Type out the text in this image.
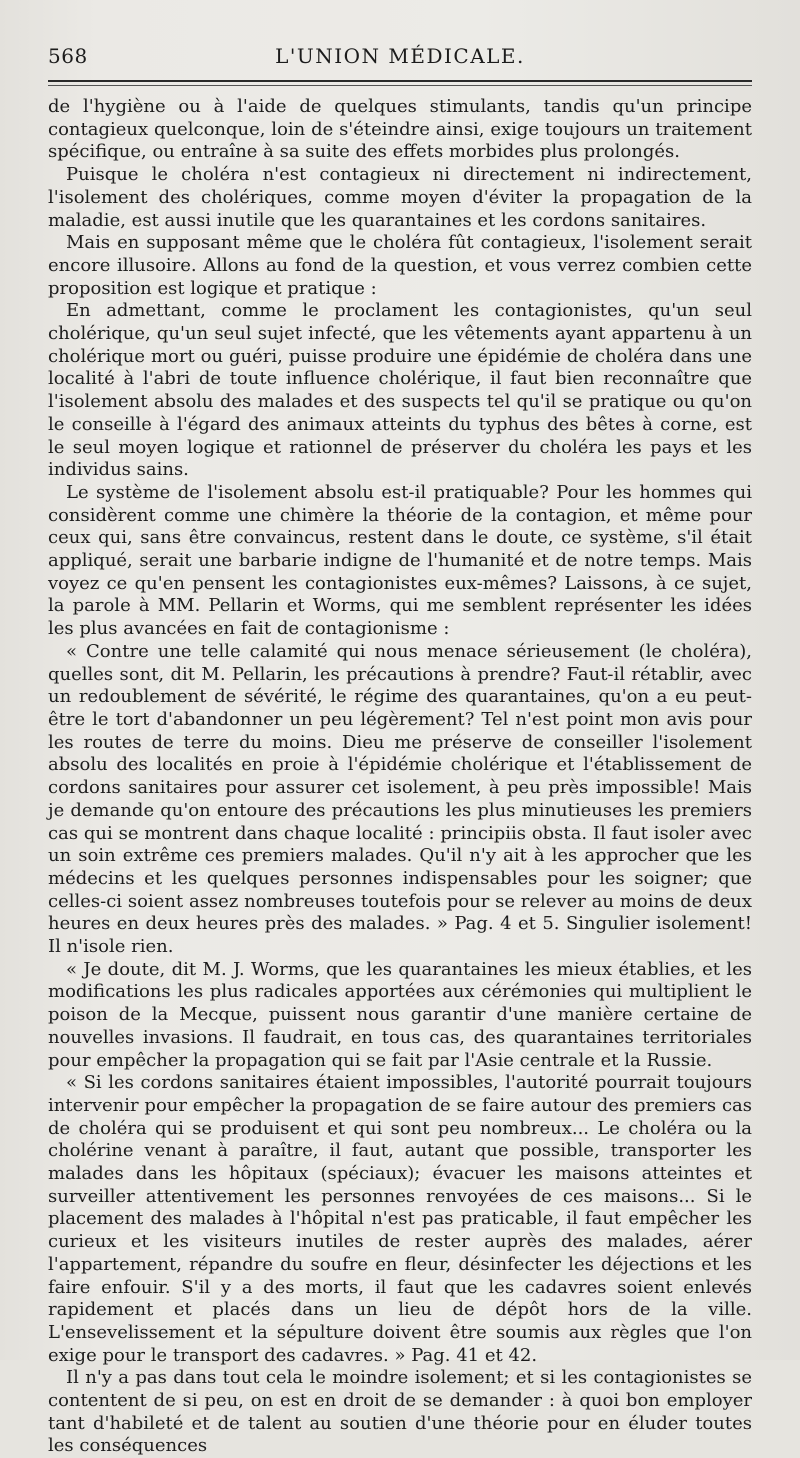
568	L'UNION MÉDICALE.

de l'hygiène ou à l'aide de quelques stimulants, tandis qu'un principe contagieux quelconque, loin de s'éteindre ainsi, exige toujours un traitement spécifique, ou entraîne à sa suite des effets morbides plus prolongés.

Puisque le choléra n'est contagieux ni directement ni indirectement, l'isolement des cholériques, comme moyen d'éviter la propagation de la maladie, est aussi inutile que les quarantaines et les cordons sanitaires.

Mais en supposant même que le choléra fût contagieux, l'isolement serait encore illusoire. Allons au fond de la question, et vous verrez combien cette proposition est logique et pratique :

En admettant, comme le proclament les contagionistes, qu'un seul cholérique, qu'un seul sujet infecté, que les vêtements ayant appartenu à un cholérique mort ou guéri, puisse produire une épidémie de choléra dans une localité à l'abri de toute influence cholérique, il faut bien reconnaître que l'isolement absolu des malades et des suspects tel qu'il se pratique ou qu'on le conseille à l'égard des animaux atteints du typhus des bêtes à corne, est le seul moyen logique et rationnel de préserver du choléra les pays et les individus sains.

Le système de l'isolement absolu est-il pratiquable? Pour les hommes qui considèrent comme une chimère la théorie de la contagion, et même pour ceux qui, sans être convaincus, restent dans le doute, ce système, s'il était appliqué, serait une barbarie indigne de l'humanité et de notre temps. Mais voyez ce qu'en pensent les contagionistes eux-mêmes? Laissons, à ce sujet, la parole à MM. Pellarin et Worms, qui me semblent représenter les idées les plus avancées en fait de contagionisme :

« Contre une telle calamité qui nous menace sérieusement (le choléra), quelles sont, dit M. Pellarin, les précautions à prendre? Faut-il rétablir, avec un redoublement de sévérité, le régime des quarantaines, qu'on a eu peut-être le tort d'abandonner un peu légèrement? Tel n'est point mon avis pour les routes de terre du moins. Dieu me préserve de conseiller l'isolement absolu des localités en proie à l'épidémie cholérique et l'établissement de cordons sanitaires pour assurer cet isolement, à peu près impossible! Mais je demande qu'on entoure des précautions les plus minutieuses les premiers cas qui se montrent dans chaque localité : principiis obsta. Il faut isoler avec un soin extrême ces premiers malades. Qu'il n'y ait à les approcher que les médecins et les quelques personnes indispensables pour les soigner; que celles-ci soient assez nombreuses toutefois pour se relever au moins de deux heures en deux heures près des malades. » Pag. 4 et 5. Singulier isolement! Il n'isole rien.

« Je doute, dit M. J. Worms, que les quarantaines les mieux établies, et les modifications les plus radicales apportées aux cérémonies qui multiplient le poison de la Mecque, puissent nous garantir d'une manière certaine de nouvelles invasions. Il faudrait, en tous cas, des quarantaines territoriales pour empêcher la propagation qui se fait par l'Asie centrale et la Russie.

« Si les cordons sanitaires étaient impossibles, l'autorité pourrait toujours intervenir pour empêcher la propagation de se faire autour des premiers cas de choléra qui se produisent et qui sont peu nombreux... Le choléra ou la cholérine venant à paraître, il faut, autant que possible, transporter les malades dans les hôpitaux (spéciaux); évacuer les maisons atteintes et surveiller attentivement les personnes renvoyées de ces maisons... Si le placement des malades à l'hôpital n'est pas praticable, il faut empêcher les curieux et les visiteurs inutiles de rester auprès des malades, aérer l'appartement, répandre du soufre en fleur, désinfecter les déjections et les faire enfouir. S'il y a des morts, il faut que les cadavres soient enlevés rapidement et placés dans un lieu de dépôt hors de la ville. L'ensevelissement et la sépulture doivent être soumis aux règles que l'on exige pour le transport des cadavres. » Pag. 41 et 42.

Il n'y a pas dans tout cela le moindre isolement; et si les contagionistes se contentent de si peu, on est en droit de se demander : à quoi bon employer tant d'habileté et de talent au soutien d'une théorie pour en éluder toutes les conséquences
